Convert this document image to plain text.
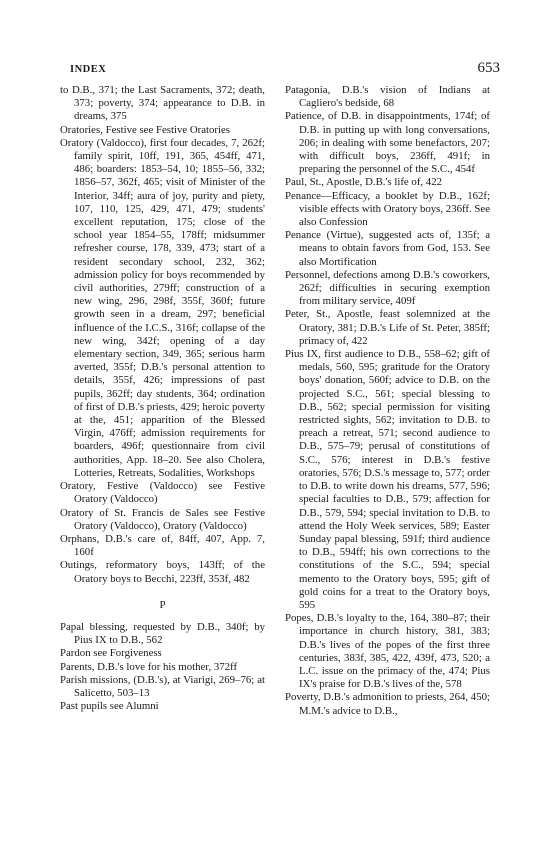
INDEX	653

to D.B., 371; the Last Sacraments, 372; death, 373; poverty, 374; appearance to D.B. in dreams, 375

Oratories, Festive see Festive Oratories

Oratory (Valdocco), first four decades, 7, 262f; family spirit, 10ff, 191, 365, 454ff, 471, 486; boarders: 1853–54, 10; 1855–56, 332; 1856–57, 362f, 465; visit of Minister of the Interior, 34ff; aura of joy, purity and piety, 107, 110, 125, 429, 471, 479; students' excellent reputation, 175; close of the school year 1854–55, 178ff; midsummer refresher course, 178, 339, 473; start of a resident secondary school, 232, 362; admission policy for boys recommended by civil authorities, 279ff; construction of a new wing, 296, 298f, 355f, 360f; future growth seen in a dream, 297; beneficial influence of the I.C.S., 316f; collapse of the new wing, 342f; opening of a day elementary section, 349, 365; serious harm averted, 355f; D.B.'s personal attention to details, 355f, 426; impressions of past pupils, 362ff; day students, 364; ordination of first of D.B.'s priests, 429; heroic poverty at the, 451; apparition of the Blessed Virgin, 476ff; admission requirements for boarders, 496f; questionnaire from civil authorities, App. 18–20. See also Cholera, Lotteries, Retreats, Sodalities, Workshops

Oratory, Festive (Valdocco) see Festive Oratory (Valdocco)

Oratory of St. Francis de Sales see Festive Oratory (Valdocco), Oratory (Valdocco)

Orphans, D.B.'s care of, 84ff, 407, App. 7, 160f

Outings, reformatory boys, 143ff; of the Oratory boys to Becchi, 223ff, 353f, 482

P

Papal blessing, requested by D.B., 340f; by Pius IX to D.B., 562

Pardon see Forgiveness

Parents, D.B.'s love for his mother, 372ff

Parish missions, (D.B.'s), at Viarigi, 269–76; at Salicetto, 503–13

Past pupils see Alumni

Patagonia, D.B.'s vision of Indians at Cagliero's bedside, 68

Patience, of D.B. in disappointments, 174f; of D.B. in putting up with long conversations, 206; in dealing with some benefactors, 207; with difficult boys, 236ff, 491f; in preparing the personnel of the S.C., 454f

Paul, St., Apostle, D.B.'s life of, 422

Penance—Efficacy, a booklet by D.B., 162f; visible effects with Oratory boys, 236ff. See also Confession

Penance (Virtue), suggested acts of, 135f; a means to obtain favors from God, 153. See also Mortification

Personnel, defections among D.B.'s coworkers, 262f; difficulties in securing exemption from military service, 409f

Peter, St., Apostle, feast solemnized at the Oratory, 381; D.B.'s Life of St. Peter, 385ff; primacy of, 422

Pius IX, first audience to D.B., 558–62; gift of medals, 560, 595; gratitude for the Oratory boys' donation, 560f; advice to D.B. on the projected S.C., 561; special blessing to D.B., 562; special permission for visiting restricted sights, 562; invitation to D.B. to preach a retreat, 571; second audience to D.B., 575–79; perusal of constitutions of S.C., 576; interest in D.B.'s festive oratories, 576; D.S.'s message to, 577; order to D.B. to write down his dreams, 577, 596; special faculties to D.B., 579; affection for D.B., 579, 594; special invitation to D.B. to attend the Holy Week services, 589; Easter Sunday papal blessing, 591f; third audience to D.B., 594ff; his own corrections to the constitutions of the S.C., 594; special memento to the Oratory boys, 595; gift of gold coins for a treat to the Oratory boys, 595

Popes, D.B.'s loyalty to the, 164, 380–87; their importance in church history, 381, 383; D.B.'s lives of the popes of the first three centuries, 383f, 385, 422, 439f, 473, 520; a L.C. issue on the primacy of the, 474; Pius IX's praise for D.B.'s lives of the, 578

Poverty, D.B.'s admonition to priests, 264, 450; M.M.'s advice to D.B.,
